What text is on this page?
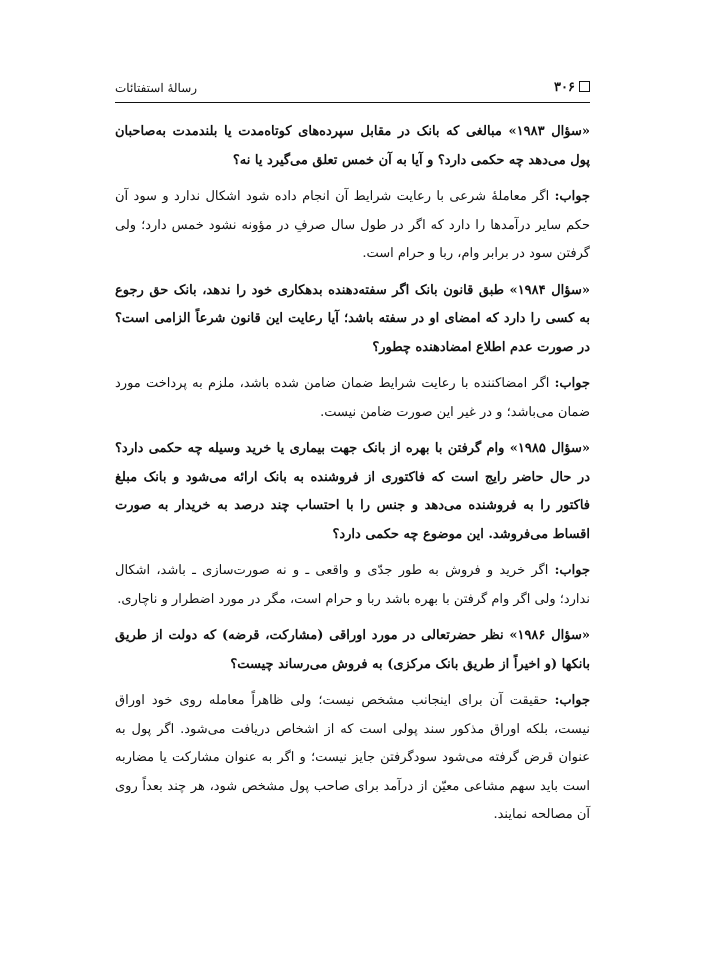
۳۰۶
رسالهٔ استفتائات

«سؤال ۱۹۸۳» مبالغی که بانک در مقابل سپرده‌های کوتاه‌مدت یا بلندمدت به‌صاحبان پول می‌دهد چه حکمی دارد؟ و آیا به آن خمس تعلق می‌گیرد یا نه؟

جواب: اگر معاملهٔ شرعی با رعایت شرایط آن انجام داده شود اشکال ندارد و سود آن حکم سایر درآمدها را دارد که اگر در طول سال صرفِ در مؤونه نشود خمس دارد؛ ولی گرفتن سود در برابر وام، ربا و حرام است.

«سؤال ۱۹۸۴» طبق قانون بانک اگر سفته‌دهنده بدهکاری خود را ندهد، بانک حق رجوع به کسی را دارد که امضای او در سفته باشد؛ آیا رعایت این قانون شرعاً الزامی است؟ در صورت عدم اطلاع امضادهنده چطور؟

جواب: اگر امضاکننده با رعایت شرایط ضمان ضامن شده باشد، ملزم به پرداخت مورد ضمان می‌باشد؛ و در غیر این صورت ضامن نیست.

«سؤال ۱۹۸۵» وام گرفتن با بهره از بانک جهت بیماری یا خرید وسیله چه حکمی دارد؟ در حال حاضر رایج است که فاکتوری از فروشنده به بانک ارائه می‌شود و بانک مبلغ فاکتور را به فروشنده می‌دهد و جنس را با احتساب چند درصد به خریدار به صورت اقساط می‌فروشد. این موضوع چه حکمی دارد؟

جواب: اگر خرید و فروش به طور جدّی و واقعی ـ و نه صورت‌سازی ـ باشد، اشکال ندارد؛ ولی اگر وام گرفتن با بهره باشد ربا و حرام است، مگر در مورد اضطرار و ناچاری.

«سؤال ۱۹۸۶» نظر حضرتعالی در مورد اوراقی (مشارکت، قرضه) که دولت از طریق بانکها (و اخیراً از طریق بانک مرکزی) به فروش می‌رساند چیست؟

جواب: حقیقت آن برای اینجانب مشخص نیست؛ ولی ظاهراً معامله روی خود اوراق نیست، بلکه اوراق مذکور سند پولی است که از اشخاص دریافت می‌شود. اگر پول به عنوان قرض گرفته می‌شود سودگرفتن جایز نیست؛ و اگر به عنوان مشارکت یا مضاربه است باید سهم مشاعی معیّن از درآمد برای صاحب پول مشخص شود، هر چند بعداً روی آن مصالحه نمایند.
